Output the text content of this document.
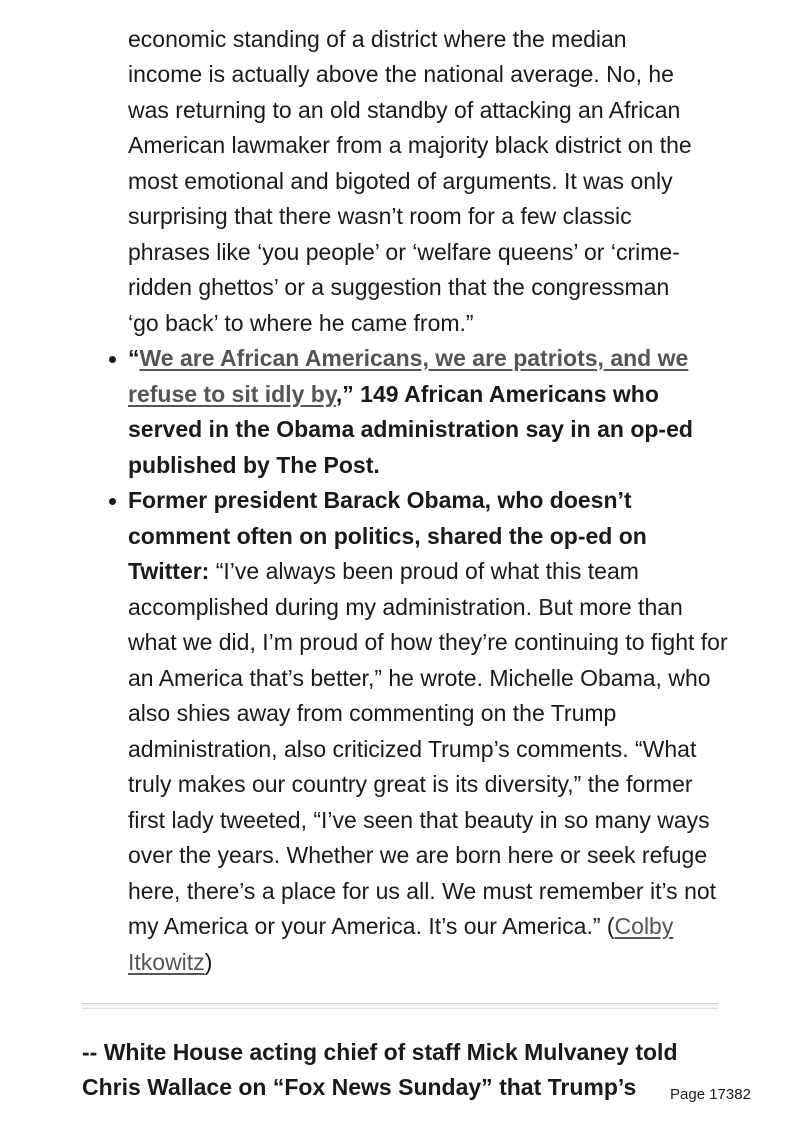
economic standing of a district where the median
income is actually above the national average. No, he
was returning to an old standby of attacking an African
American lawmaker from a majority black district on the
most emotional and bigoted of arguments. It was only
surprising that there wasn’t room for a few classic
phrases like ‘you people’ or ‘welfare queens’ or ‘crime-
ridden ghettos’ or a suggestion that the congressman
‘go back’ to where he came from.”
“We are African Americans, we are patriots, and we refuse to sit idly by,” 149 African Americans who served in the Obama administration say in an op-ed published by The Post.
Former president Barack Obama, who doesn’t comment often on politics, shared the op-ed on Twitter: “I’ve always been proud of what this team accomplished during my administration. But more than what we did, I’m proud of how they’re continuing to fight for an America that’s better,” he wrote. Michelle Obama, who also shies away from commenting on the Trump administration, also criticized Trump’s comments. “What truly makes our country great is its diversity,” the former first lady tweeted, “I’ve seen that beauty in so many ways over the years. Whether we are born here or seek refuge here, there’s a place for us all. We must remember it’s not my America or your America. It’s our America.” (Colby Itkowitz)
-- White House acting chief of staff Mick Mulvaney told
Chris Wallace on “Fox News Sunday” that Trump’s Page 17382
